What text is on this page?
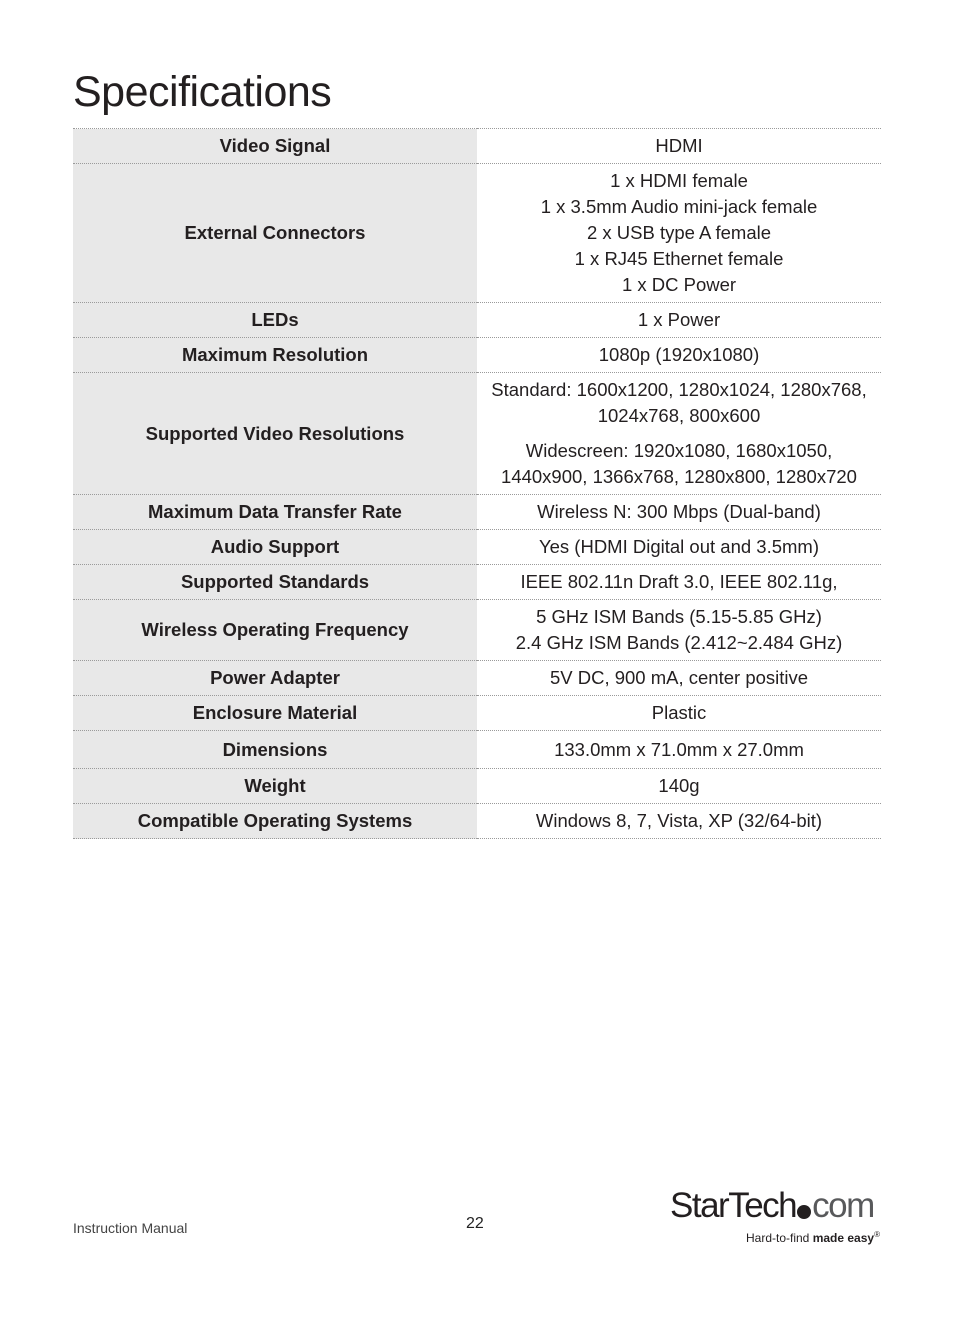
Specifications
Video Signal	HDMI

External Connectors	1 x HDMI female
1 x 3.5mm Audio mini-jack female
2 x USB type A female
1 x RJ45 Ethernet female
1 x DC Power

LEDs	1 x Power

Maximum Resolution	1080p (1920x1080)

Supported Video Resolutions	Standard: 1600x1200, 1280x1024, 1280x768,
1024x768, 800x600
Widescreen: 1920x1080, 1680x1050,
1440x900, 1366x768, 1280x800, 1280x720

Maximum Data Transfer Rate	Wireless N: 300 Mbps (Dual-band)

Audio Support	Yes (HDMI Digital out and 3.5mm)

Supported Standards	IEEE 802.11n Draft 3.0, IEEE 802.11g,

Wireless Operating Frequency	5 GHz ISM Bands (5.15-5.85 GHz)
2.4 GHz ISM Bands (2.412~2.484 GHz)

Power Adapter	5V DC, 900 mA, center positive

Enclosure Material	Plastic

Dimensions	133.0mm x 71.0mm x 27.0mm

Weight	140g

Compatible Operating Systems	Windows 8, 7, Vista, XP (32/64-bit)
Instruction Manual	22	StarTech com
Hard-to-find made easy®
